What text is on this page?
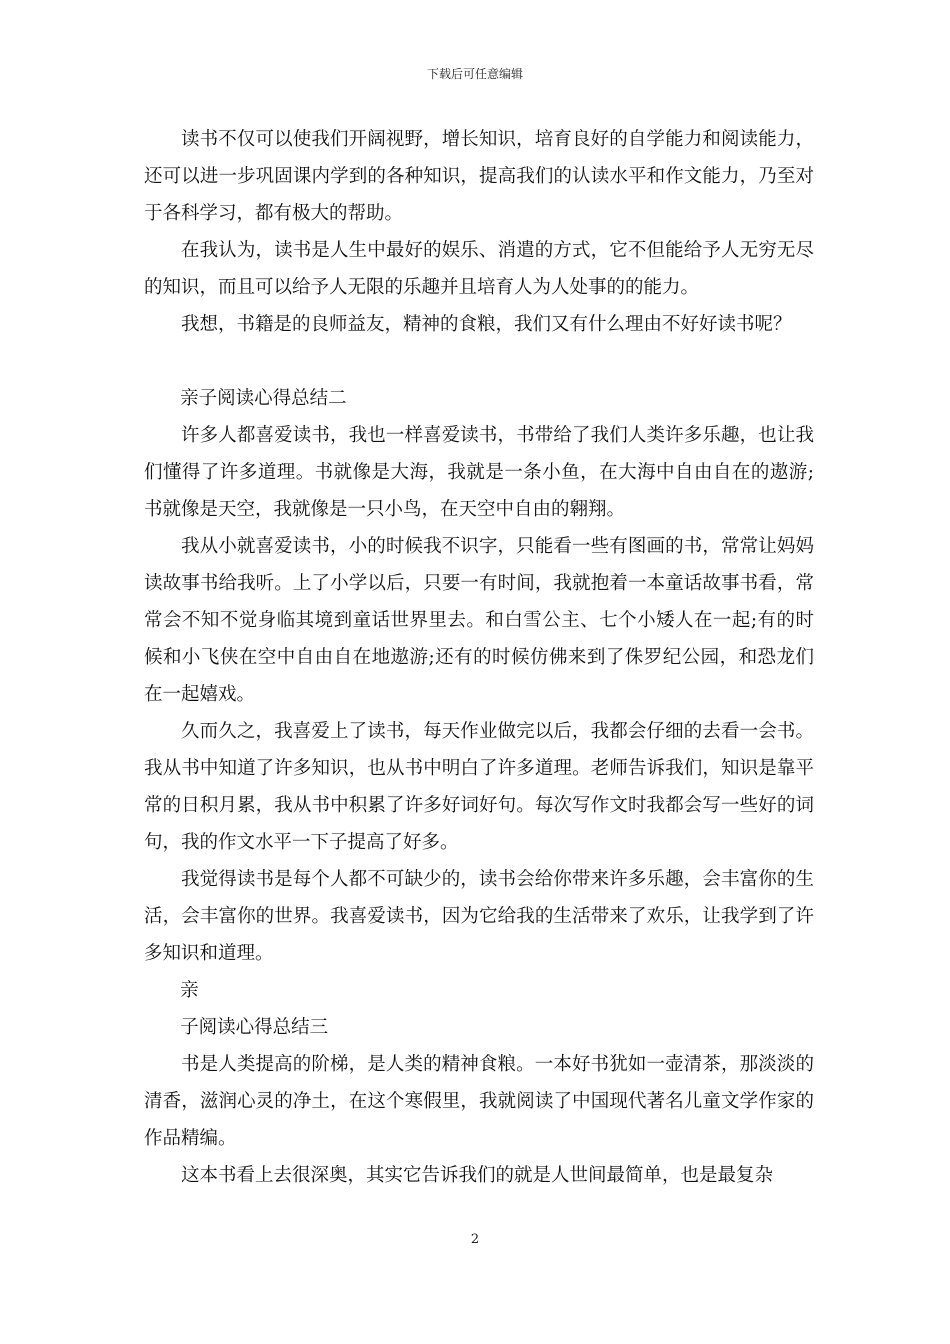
下载后可任意编辑

读书不仅可以使我们开阔视野，增长知识，培育良好的自学能力和阅读能力，还可以进一步巩固课内学到的各种知识，提高我们的认读水平和作文能力，乃至对于各科学习，都有极大的帮助。

在我认为，读书是人生中最好的娱乐、消遣的方式，它不但能给予人无穷无尽的知识，而且可以给予人无限的乐趣并且培育人为人处事的的能力。

我想，书籍是的良师益友，精神的食粮，我们又有什么理由不好好读书呢？

亲子阅读心得总结二

许多人都喜爱读书，我也一样喜爱读书，书带给了我们人类许多乐趣，也让我们懂得了许多道理。书就像是大海，我就是一条小鱼，在大海中自由自在的遨游;书就像是天空，我就像是一只小鸟，在天空中自由的翱翔。

我从小就喜爱读书，小的时候我不识字，只能看一些有图画的书，常常让妈妈读故事书给我听。上了小学以后，只要一有时间，我就抱着一本童话故事书看，常常会不知不觉身临其境到童话世界里去。和白雪公主、七个小矮人在一起;有的时候和小飞侠在空中自由自在地遨游;还有的时候仿佛来到了侏罗纪公园，和恐龙们在一起嬉戏。

久而久之，我喜爱上了读书，每天作业做完以后，我都会仔细的去看一会书。我从书中知道了许多知识，也从书中明白了许多道理。老师告诉我们，知识是靠平常的日积月累，我从书中积累了许多好词好句。每次写作文时我都会写一些好的词句，我的作文水平一下子提高了好多。

我觉得读书是每个人都不可缺少的，读书会给你带来许多乐趣，会丰富你的生活，会丰富你的世界。我喜爱读书，因为它给我的生活带来了欢乐，让我学到了许多知识和道理。

亲

子阅读心得总结三

书是人类提高的阶梯，是人类的精神食粮。一本好书犹如一壶清茶，那淡淡的清香，滋润心灵的净土，在这个寒假里，我就阅读了中国现代著名儿童文学作家的作品精编。

这本书看上去很深奥，其实它告诉我们的就是人世间最简单，也是最复杂

2
